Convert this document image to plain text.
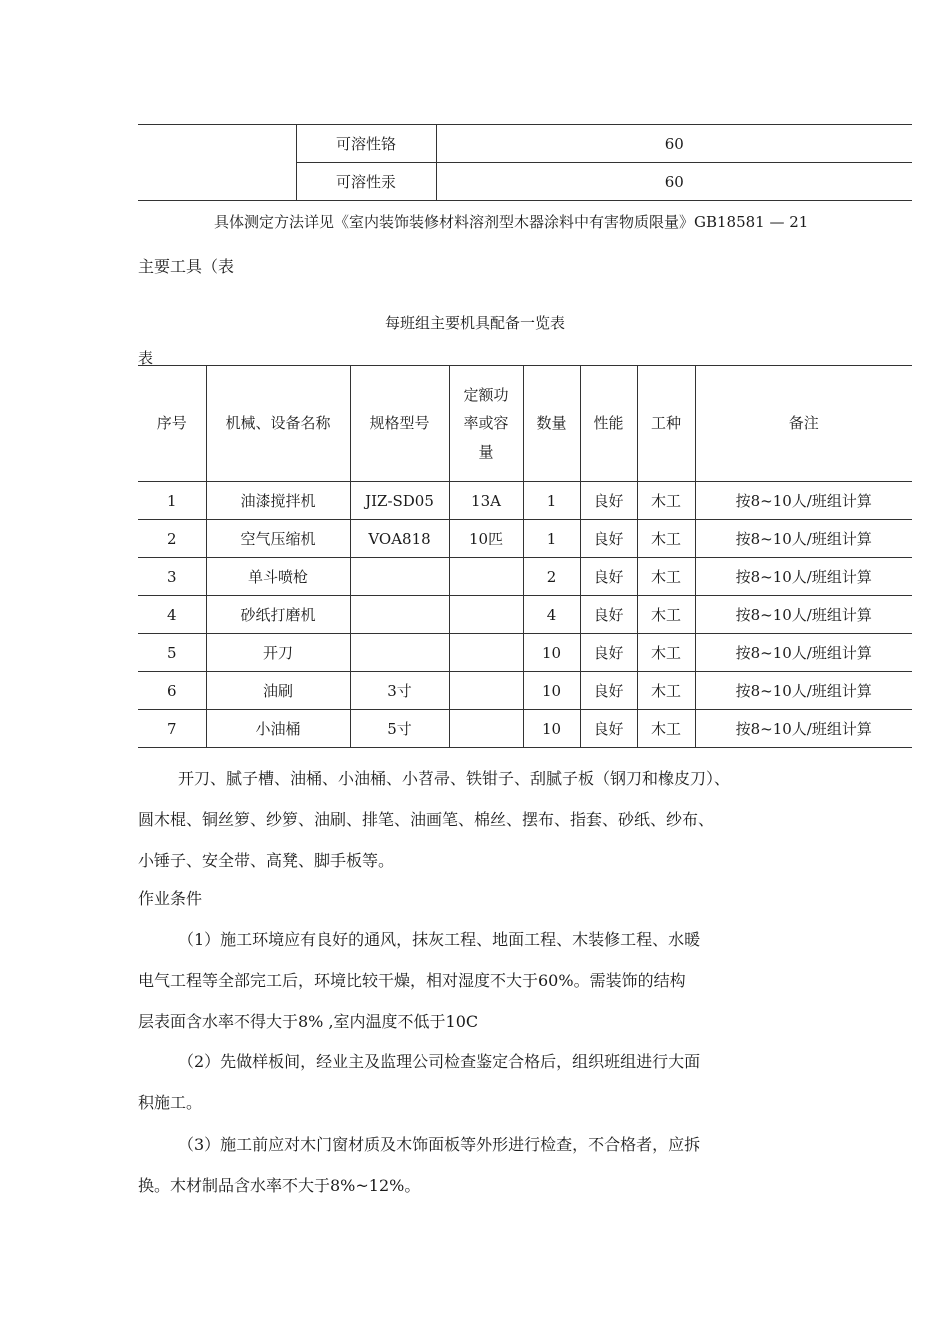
	可溶性铬	60
	可溶性汞	60
具体测定方法详见《室内装饰装修材料溶剂型木器涂料中有害物质限量》GB18581 — 21
主要工具（表
每班组主要机具配备一览表
表
序号	机械、设备名称	规格型号	定额功率或容量	数量	性能	工种	备注
1	油漆搅拌机	JIZ-SD05	13A	1	良好	木工	按8~10人/班组计算
2	空气压缩机	VOA818	10匹	1	良好	木工	按8~10人/班组计算
3	单斗喷枪			2	良好	木工	按8~10人/班组计算
4	砂纸打磨机			4	良好	木工	按8~10人/班组计算
5	开刀			10	良好	木工	按8~10人/班组计算
6	油刷	3寸		10	良好	木工	按8~10人/班组计算
7	小油桶	5寸		10	良好	木工	按8~10人/班组计算
开刀、腻子槽、油桶、小油桶、小苕帚、铁钳子、刮腻子板（钢刀和橡皮刀）、
圆木棍、铜丝箩、纱箩、油刷、排笔、油画笔、棉丝、摆布、指套、砂纸、纱布、
小锤子、安全带、高凳、脚手板等。
作业条件
（1）施工环境应有良好的通风，抹灰工程、地面工程、木装修工程、水暖
电气工程等全部完工后，环境比较干燥，相对湿度不大于60%。需装饰的结构
层表面含水率不得大于8% ,室内温度不低于10C
（2）先做样板间，经业主及监理公司检查鉴定合格后，组织班组进行大面
积施工。
（3）施工前应对木门窗材质及木饰面板等外形进行检查，不合格者，应拆
换。木材制品含水率不大于8%~12%。
